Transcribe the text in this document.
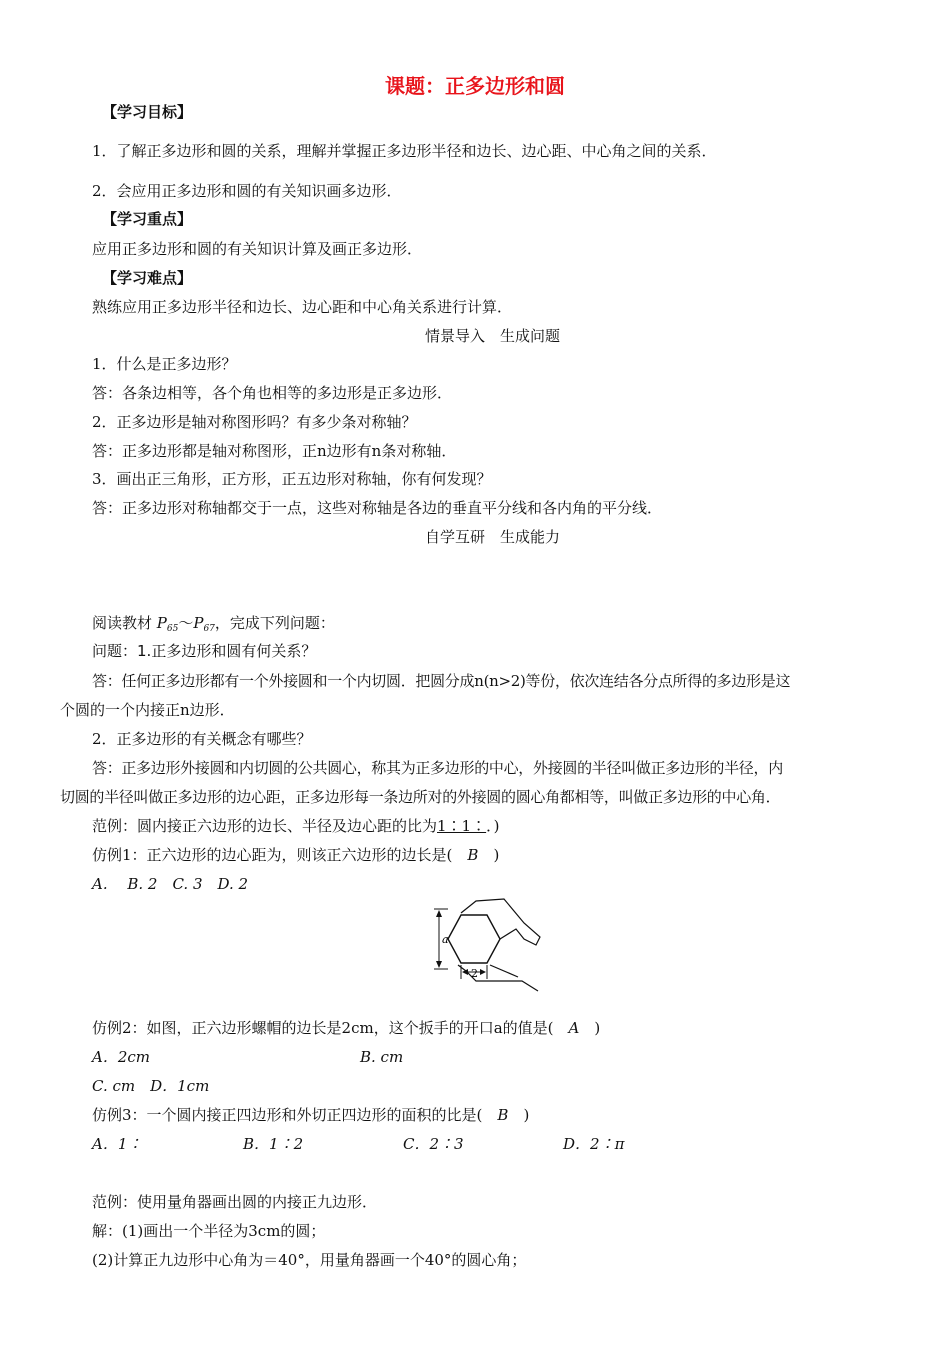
课题：正多边形和圆
【学习目标】
1．了解正多边形和圆的关系，理解并掌握正多边形半径和边长、边心距、中心角之间的关系．
2．会应用正多边形和圆的有关知识画多边形．
【学习重点】
应用正多边形和圆的有关知识计算及画正多边形．
【学习难点】
熟练应用正多边形半径和边长、边心距和中心角关系进行计算．
情景导入　生成问题
1．什么是正多边形？
答：各条边相等，各个角也相等的多边形是正多边形．
2．正多边形是轴对称图形吗？有多少条对称轴？
答：正多边形都是轴对称图形，正n边形有n条对称轴．
3．画出正三角形，正方形，正五边形对称轴，你有何发现？
答：正多边形对称轴都交于一点，这些对称轴是各边的垂直平分线和各内角的平分线．
自学互研　生成能力
阅读教材 $P_{65}\sim P_{67}$，完成下列问题：
问题：1.正多边形和圆有何关系？
答：任何正多边形都有一个外接圆和一个内切圆．把圆分成n(n>2)等份，依次连结各分点所得的多边形是这
个圆的一个内接正n边形．
2．正多边形的有关概念有哪些？
答：正多边形外接圆和内切圆的公共圆心，称其为正多边形的中心，外接圆的半径叫做正多边形的半径，内
切圆的半径叫做正多边形的边心距，正多边形每一条边所对的外接圆的圆心角都相等，叫做正多边形的中心角．
范例：圆内接正六边形的边长、半径及边心距的比为1∶1∶．)
仿例1：正六边形的边心距为，则该正六边形的边长是(　B　)
A.　 B. 2　C. 3　D. 2
a
2
仿例2：如图，正六边形螺帽的边长是2cm，这个扳手的开口a的值是(　A　)
A．2cm	B. cm
C. cm　D．1cm
仿例3：一个圆内接正四边形和外切正四边形的面积的比是(　B　)
A．1∶	B．1∶2	C．2∶3	D．2∶π
范例：使用量角器画出圆的内接正九边形．
解：(1)画出一个半径为3cm的圆；
(2)计算正九边形中心角为＝40°，用量角器画一个40°的圆心角；
